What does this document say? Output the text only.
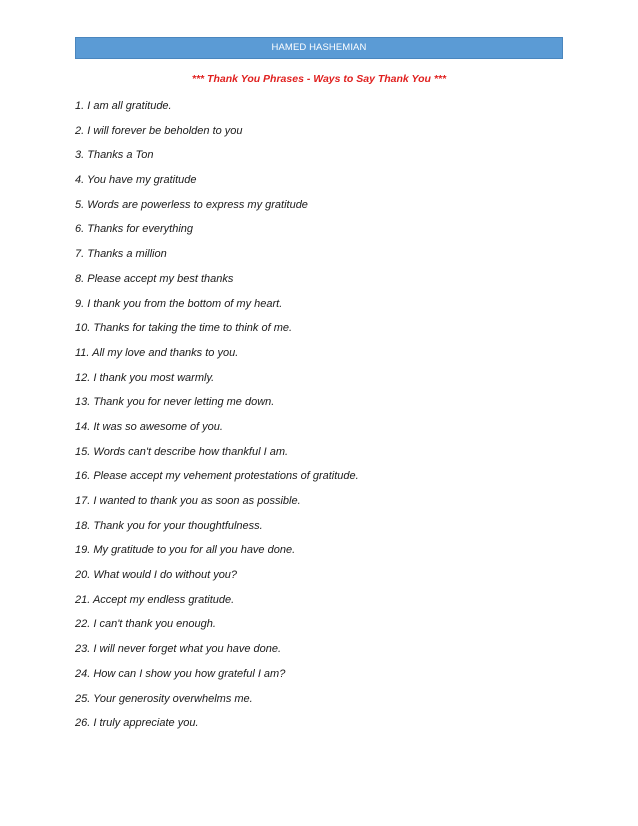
HAMED HASHEMIAN
*** Thank You Phrases - Ways to Say Thank You ***
1. I am all gratitude.
2. I will forever be beholden to you
3. Thanks a Ton
4. You have my gratitude
5. Words are powerless to express my gratitude
6. Thanks for everything
7. Thanks a million
8. Please accept my best thanks
9. I thank you from the bottom of my heart.
10. Thanks for taking the time to think of me.
11. All my love and thanks to you.
12. I thank you most warmly.
13. Thank you for never letting me down.
14. It was so awesome of you.
15. Words can't describe how thankful I am.
16. Please accept my vehement protestations of gratitude.
17. I wanted to thank you as soon as possible.
18. Thank you for your thoughtfulness.
19. My gratitude to you for all you have done.
20. What would I do without you?
21. Accept my endless gratitude.
22. I can't thank you enough.
23. I will never forget what you have done.
24. How can I show you how grateful I am?
25. Your generosity overwhelms me.
26. I truly appreciate you.
